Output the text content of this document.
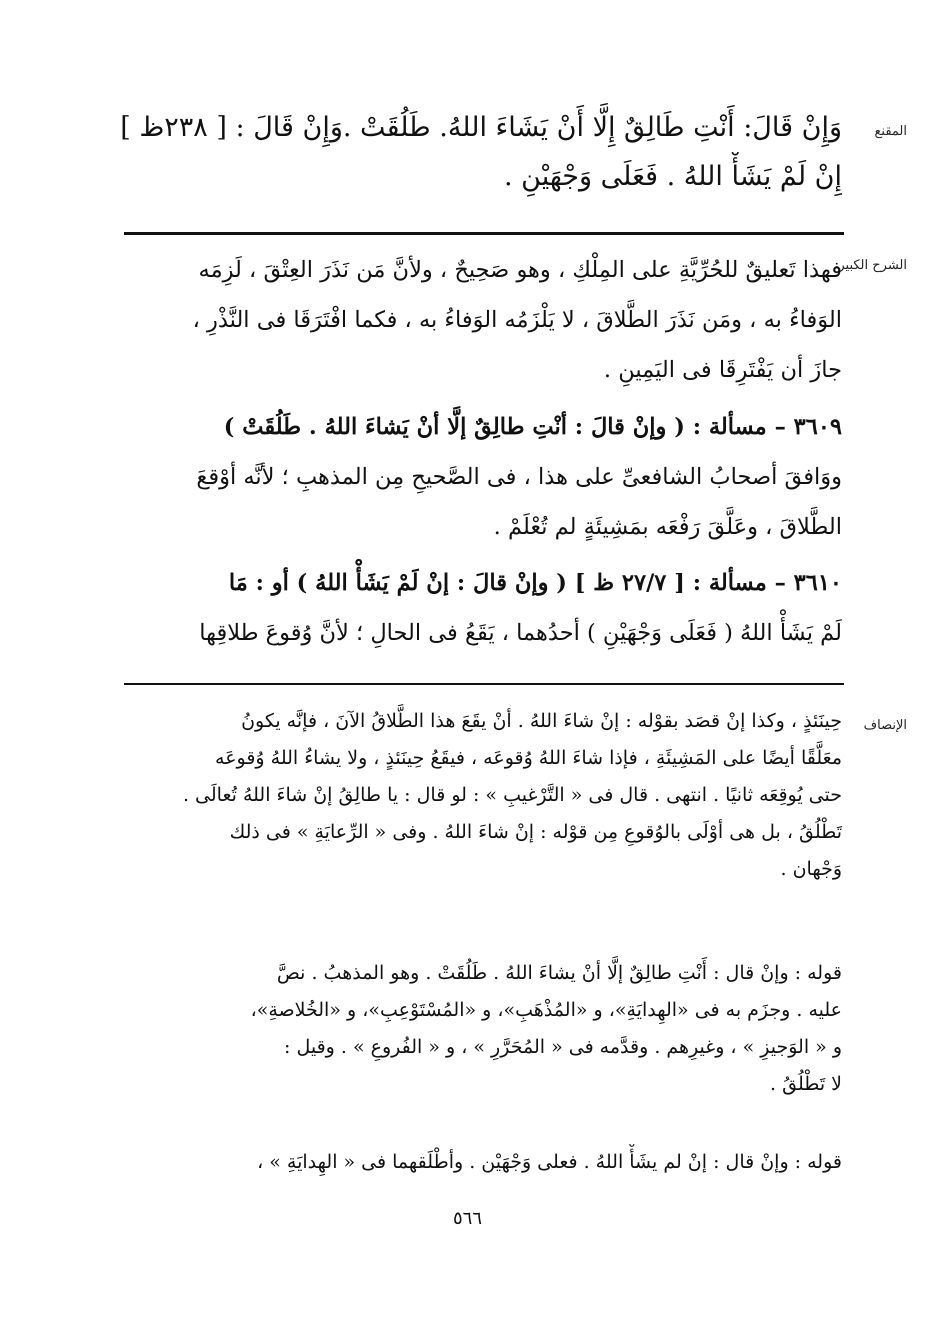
المقنع
الشرح الكبير
الإنصاف
وَإِنْ قَالَ: أَنْتِ طَالِقٌ إِلَّا أَنْ يَشَاءَ اللهُ. طَلُقَتْ .وَإِنْ قَالَ : [ ٢٣٨ظ ]
إِنْ لَمْ يَشَأْ اللهُ . فَعَلَى وَجْهَيْنِ .
فهذا تَعليقٌ للحُرِّيَّةِ على المِلْكِ ، وهو صَحِيحٌ ، ولأنَّ مَن نَذَرَ العِتْقَ ، لَزِمَه
الوَفاءُ به ، ومَن نَذَرَ الطَّلاقَ ، لا يَلْزَمُه الوَفاءُ به ، فكما افْتَرَقَا فى النَّذْرِ ،
جازَ أن يَفْتَرِقَا فى اليَمِينِ .
٣٦٠٩ – مسألة : ( وإنْ قالَ : أنْتِ طالِقٌ إلَّا أنْ يَشاءَ اللهُ . طَلُقَتْ )
ووَافقَ أصحابُ الشافعىِّ على هذا ، فى الصَّحيحِ مِن المذهبِ ؛ لأنَّه أوْقعَ
الطَّلاقَ ، وعَلَّقَ رَفْعَه بمَشِيئَةٍ لم تُعْلَمْ .
٣٦١٠ – مسألة : [ ٢٧/٧ ظ ] ( وإنْ قالَ : إنْ لَمْ يَشَأْ اللهُ ) أو : مَا
لَمْ يَشَأْ اللهُ ( فَعَلَى وَجْهَيْنِ ) أحدُهما ، يَقَعُ فى الحالِ ؛ لأنَّ وُقوعَ طلاقِها
حِينَئذٍ ، وكذا إنْ قصَد بقوْله : إنْ شاءَ اللهُ . أنْ يقَعَ هذا الطَّلاقُ الآنَ ، فإنَّه يكونُ
معَلَّقًا أيضًا على المَشِيئَةِ ، فإذا شاءَ اللهُ وُقوعَه ، فيقَعُ حِينَئذٍ ، ولا يشاءُ اللهُ وُقوعَه
حتى يُوقِعَه ثانيًا . انتهى . قال فى « التَّرْغيبِ » : لو قال : يا طالِقُ إنْ شاءَ اللهُ تُعالَى .
تَطْلُقُ ، بل هى أوْلَى بالوُقوعِ مِن قوْله : إنْ شاءَ اللهُ . وفى « الرِّعايَةِ » فى ذلك
وَجْهان .
قوله : وإنْ قال : أَنْتِ طالِقٌ إلَّا أنْ يشاءَ اللهُ . طَلُقَتْ . وهو المذهبُ . نصَّ
عليه . وجزَم به فى «الهِدايَةِ»، و «المُذْهَبِ»، و «المُسْتَوْعِبِ»، و «الخُلاصةِ»،
و « الوَجيزِ » ، وغيرِهم . وقدَّمه فى « المُحَرَّرِ » ، و « الفُروعِ » . وقيل :
لا تَطْلُقُ .
قوله : وإنْ قال : إنْ لم يشَأْ اللهُ . فعلى وَجْهَيْن . وأطْلَقهما فى « الهِدايَةِ » ،
٥٦٦
